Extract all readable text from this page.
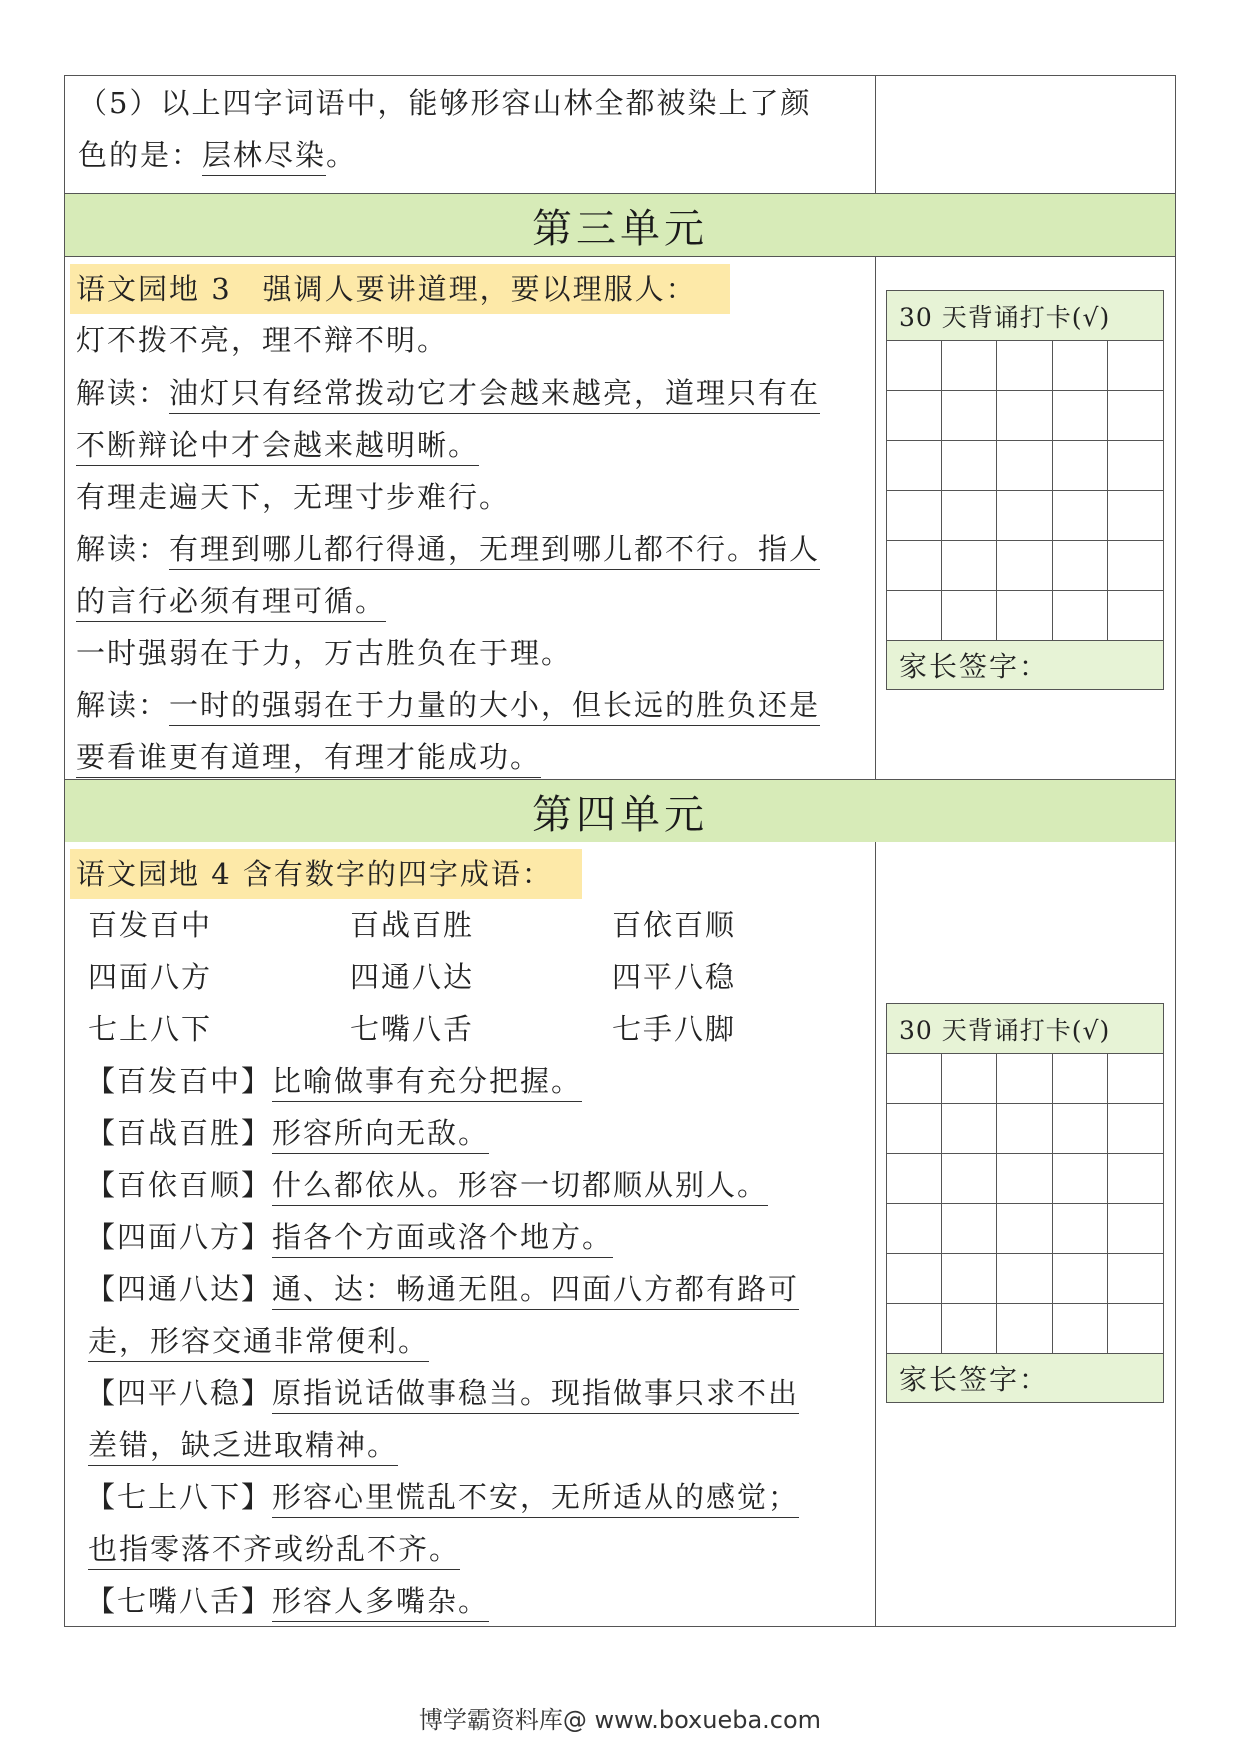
（5）以上四字词语中，能够形容山林全都被染上了颜
色的是：层林尽染。
第三单元
语文园地 3　强调人要讲道理，要以理服人：
灯不拨不亮，理不辩不明。
解读：油灯只有经常拨动它才会越来越亮，道理只有在
不断辩论中才会越来越明晰。
有理走遍天下，无理寸步难行。
解读：有理到哪儿都行得通，无理到哪儿都不行。指人
的言行必须有理可循。
一时强弱在于力，万古胜负在于理。
解读：一时的强弱在于力量的大小，但长远的胜负还是
要看谁更有道理，有理才能成功。
30 天背诵打卡(√)
家长签字：
第四单元
语文园地 4 含有数字的四字成语：
百发百中	百战百胜	百依百顺
四面八方	四通八达	四平八稳
七上八下	七嘴八舌	七手八脚
【百发百中】比喻做事有充分把握。
【百战百胜】形容所向无敌。
【百依百顺】什么都依从。形容一切都顺从别人。
【四面八方】指各个方面或洛个地方。
【四通八达】通、达：畅通无阻。四面八方都有路可
走，形容交通非常便利。
【四平八稳】原指说话做事稳当。现指做事只求不出
差错，缺乏进取精神。
【七上八下】形容心里慌乱不安，无所适从的感觉；
也指零落不齐或纷乱不齐。
【七嘴八舌】形容人多嘴杂。
30 天背诵打卡(√)
家长签字：
博学霸资料库@ www.boxueba.com
